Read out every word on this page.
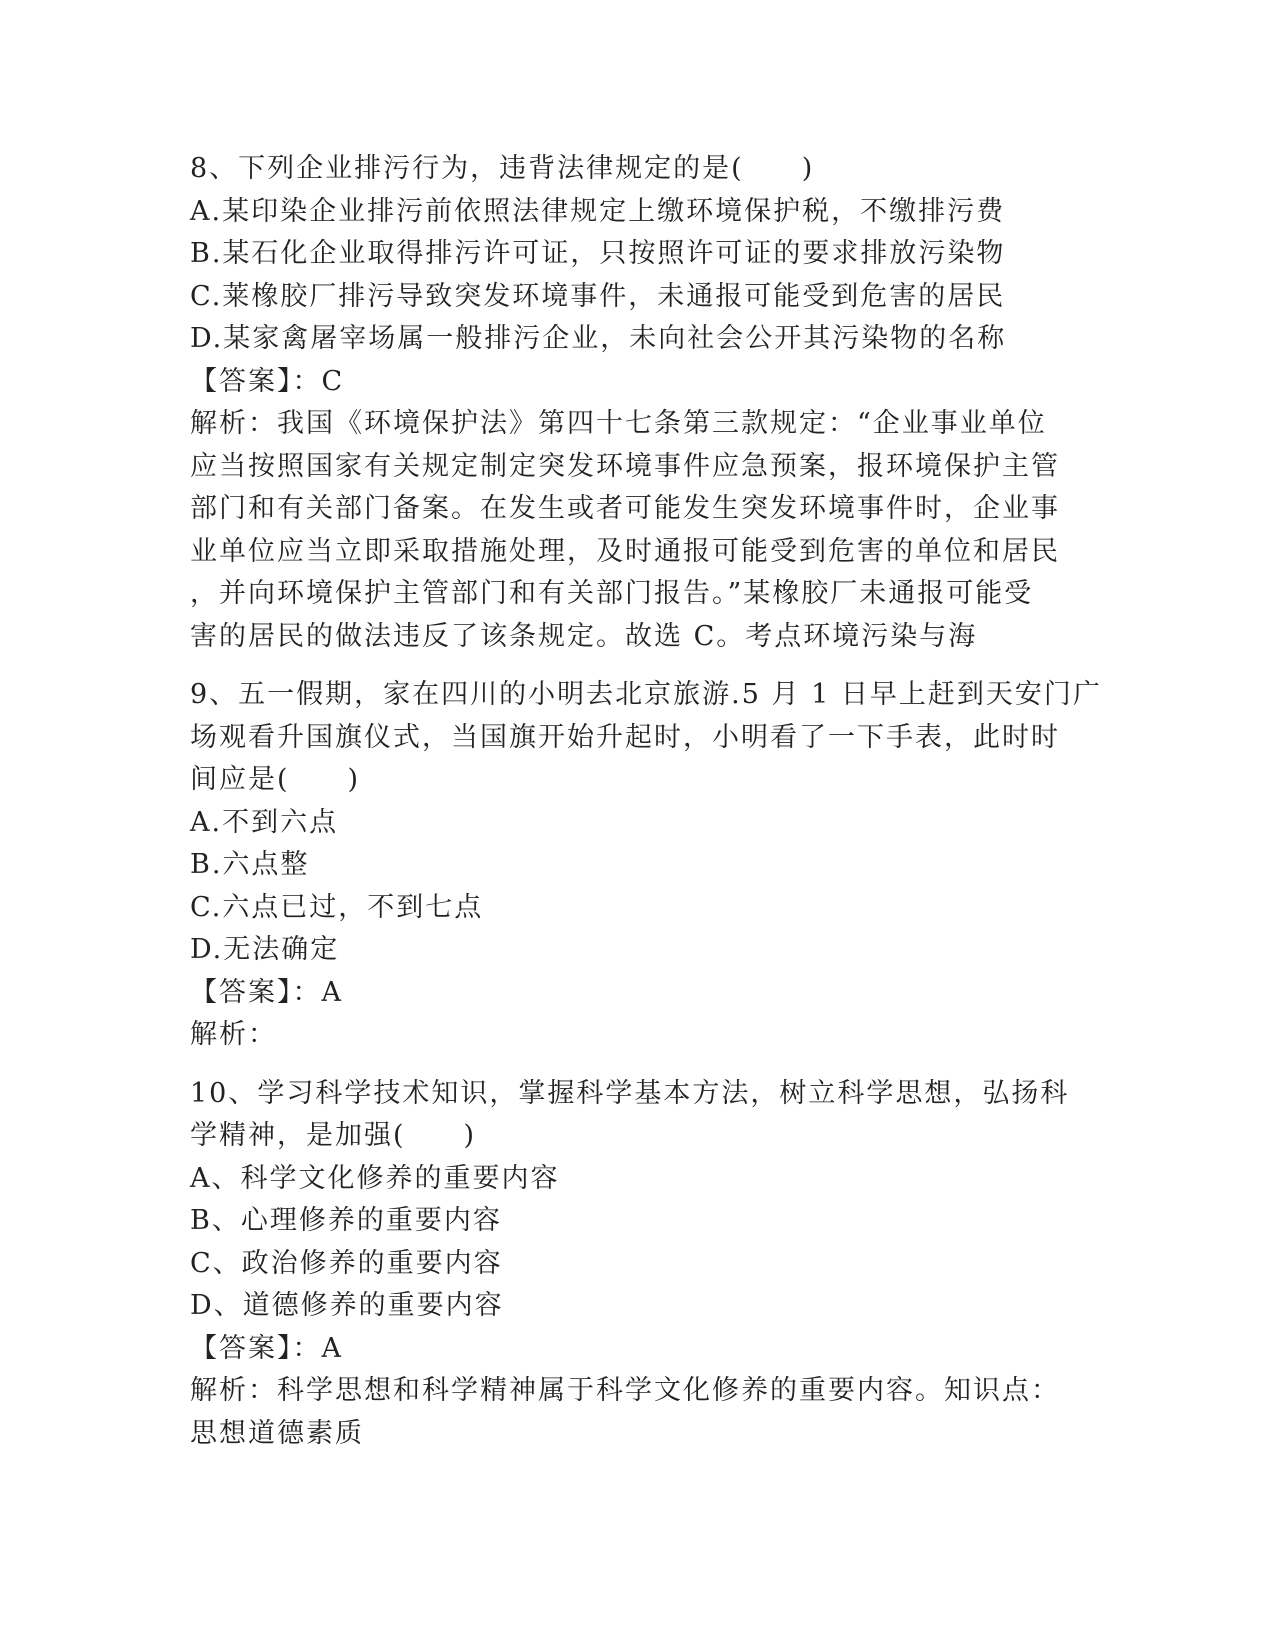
8、下列企业排污行为，违背法律规定的是(　　)
A.某印染企业排污前依照法律规定上缴环境保护税，不缴排污费
B.某石化企业取得排污许可证，只按照许可证的要求排放污染物
C.莱橡胶厂排污导致突发环境事件，未通报可能受到危害的居民
D.某家禽屠宰场属一般排污企业，未向社会公开其污染物的名称
【答案】：C
解析：我国《环境保护法》第四十七条第三款规定：“企业事业单位
应当按照国家有关规定制定突发环境事件应急预案，报环境保护主管
部门和有关部门备案。在发生或者可能发生突发环境事件时，企业事
业单位应当立即采取措施处理，及时通报可能受到危害的单位和居民
，并向环境保护主管部门和有关部门报告。”某橡胶厂未通报可能受
害的居民的做法违反了该条规定。故选 C。考点环境污染与海
9、五一假期，家在四川的小明去北京旅游.5 月 1 日早上赶到天安门广
场观看升国旗仪式，当国旗开始升起时，小明看了一下手表，此时时
间应是(　　)
A.不到六点
B.六点整
C.六点已过，不到七点
D.无法确定
【答案】：A
解析：
10、学习科学技术知识，掌握科学基本方法，树立科学思想，弘扬科
学精神，是加强(　　)
A、科学文化修养的重要内容
B、心理修养的重要内容
C、政治修养的重要内容
D、道德修养的重要内容
【答案】：A
解析：科学思想和科学精神属于科学文化修养的重要内容。知识点：
思想道德素质
